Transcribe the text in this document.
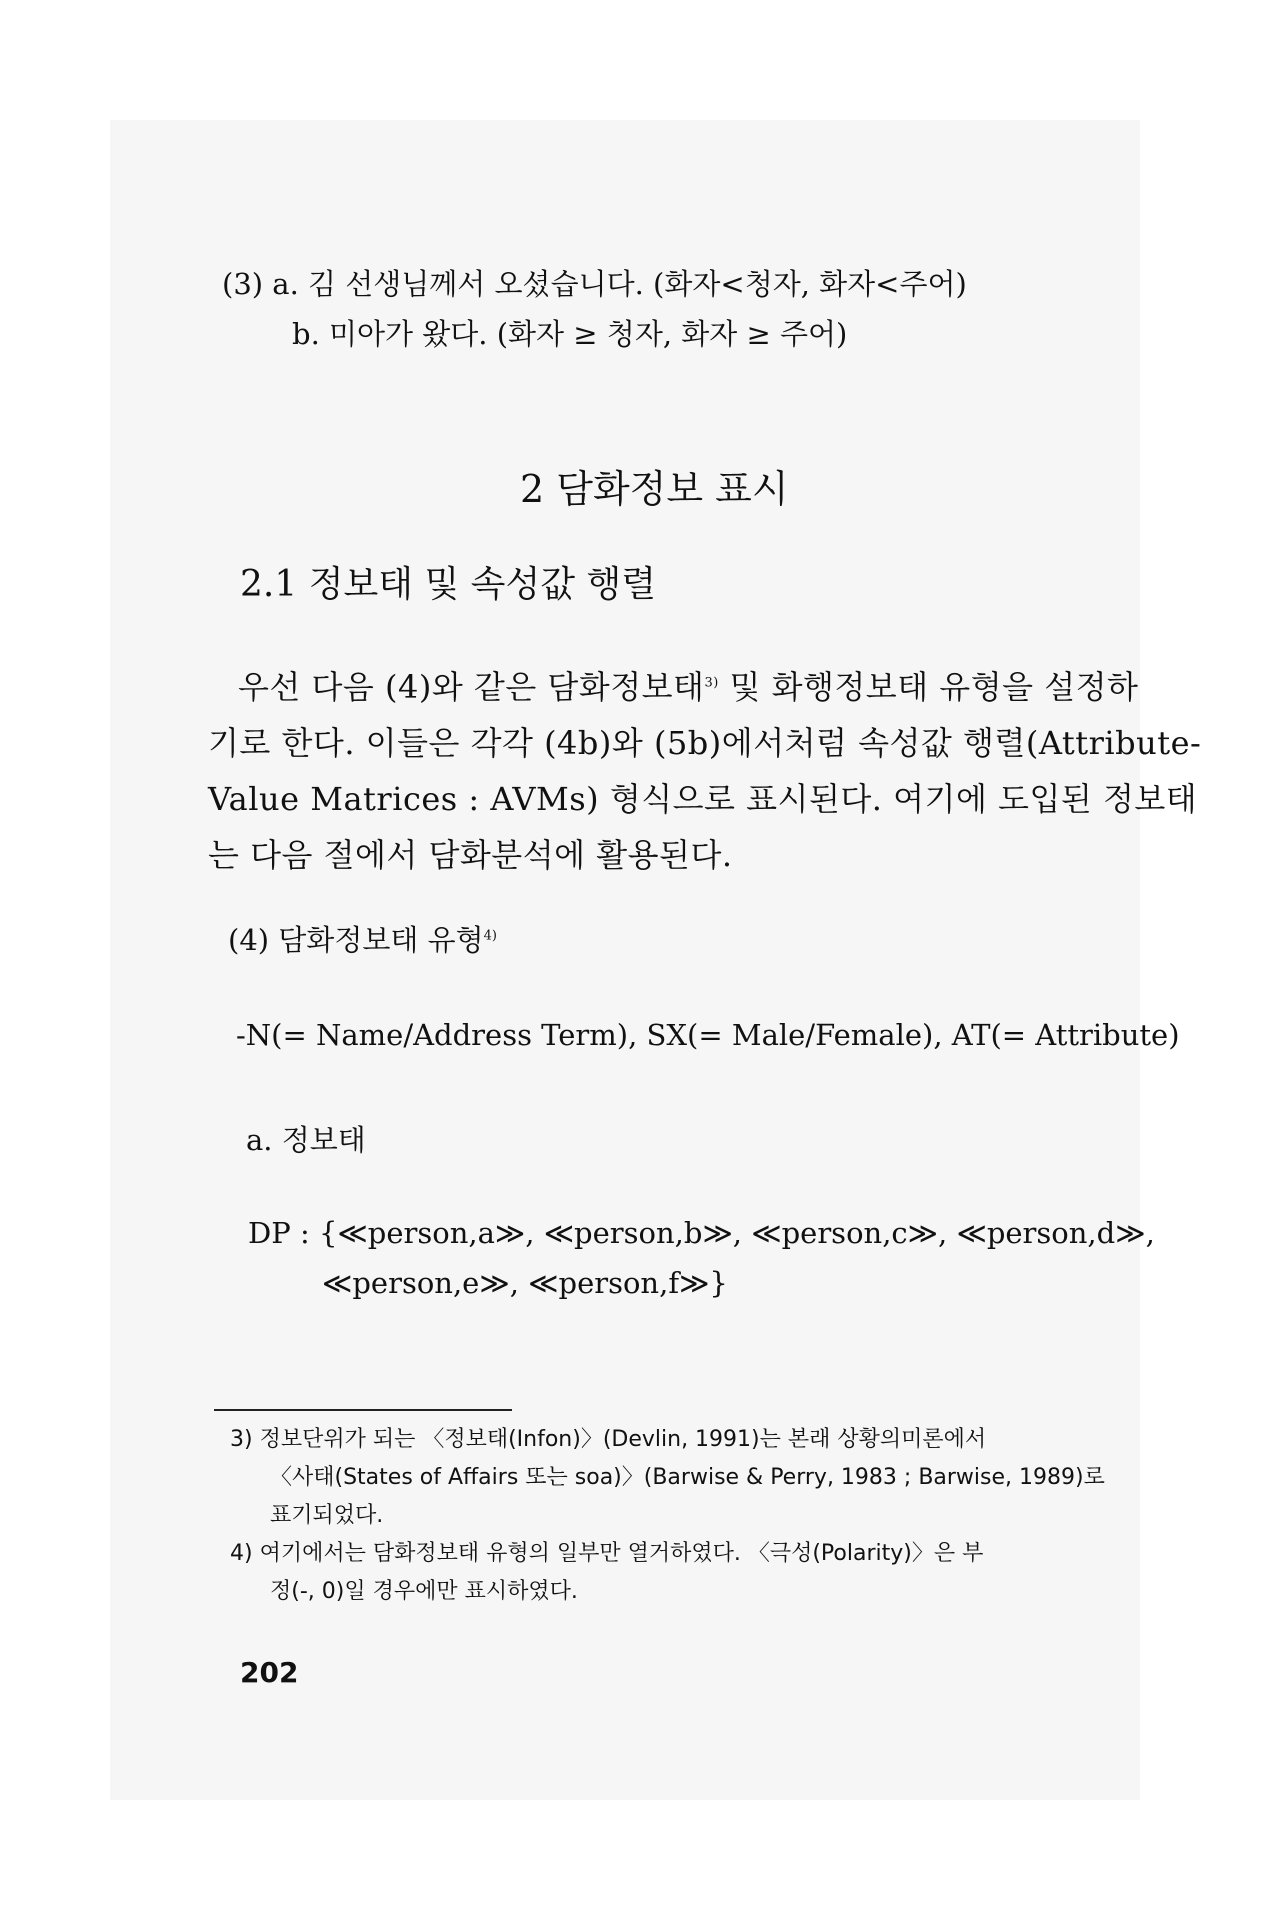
(3) a. 김 선생님께서 오셨습니다. (화자<청자, 화자<주어)
b. 미아가 왔다. (화자 ≥ 청자, 화자 ≥ 주어)
2 담화정보 표시
2.1 정보태 및 속성값 행렬
우선 다음 (4)와 같은 담화정보태$^{3)}$ 및 화행정보태 유형을 설정하
기로 한다. 이들은 각각 (4b)와 (5b)에서처럼 속성값 행렬(Attribute-
Value Matrices : AVMs) 형식으로 표시된다. 여기에 도입된 정보태
는 다음 절에서 담화분석에 활용된다.
(4) 담화정보태 유형$^{4)}$
-N(= Name/Address Term), SX(= Male/Female), AT(= Attribute)
a. 정보태
DP : {≪person,a≫, ≪person,b≫, ≪person,c≫, ≪person,d≫,
≪person,e≫, ≪person,f≫}
3) 정보단위가 되는 〈정보태(Infon)〉(Devlin, 1991)는 본래 상황의미론에서
〈사태(States of Affairs 또는 soa)〉(Barwise & Perry, 1983 ; Barwise, 1989)로
표기되었다.
4) 여기에서는 담화정보태 유형의 일부만 열거하였다. 〈극성(Polarity)〉은 부
정(-, 0)일 경우에만 표시하였다.
202
